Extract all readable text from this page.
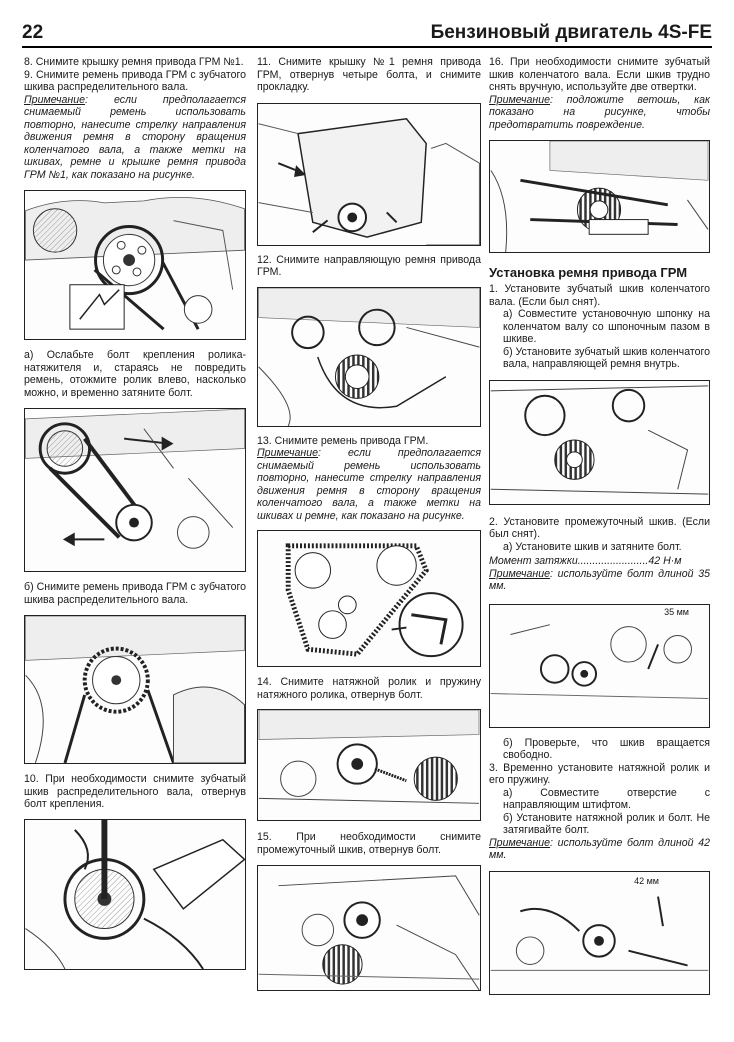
22	Бензиновый двигатель 4S-FE

8. Снимите крышку ремня привода ГРМ №1.

9. Снимите ремень привода ГРМ с зубчатого шкива распределительного вала.

Примечание: если предполагается снимаемый ремень использовать повторно, нанесите стрелку направления движения ремня в сторону вращения коленчатого вала, а также метки на шкивах, ремне и крышке ремня привода ГРМ №1, как показано на рисунке.

а) Ослабьте болт крепления ролика-натяжителя и, стараясь не повредить ремень, отожмите ролик влево, насколько можно, и временно затяните болт.

б) Снимите ремень привода ГРМ с зубчатого шкива распределительного вала.

10. При необходимости снимите зубчатый шкив распределительного вала, отвернув болт крепления.

11. Снимите крышку №1 ремня привода ГРМ, отвернув четыре болта, и снимите прокладку.

12. Снимите направляющую ремня привода ГРМ.

13. Снимите ремень привода ГРМ.

Примечание: если предполагается снимаемый ремень использовать повторно, нанесите стрелку направления движения ремня в сторону вращения коленчатого вала, а также метки на шкивах и ремне, как показано на рисунке.

14. Снимите натяжной ролик и пружину натяжного ролика, отвернув болт.

15. При необходимости снимите промежуточный шкив, отвернув болт.

16. При необходимости снимите зубчатый шкив коленчатого вала. Если шкив трудно снять вручную, используйте две отвертки.

Примечание: подложите ветошь, как показано на рисунке, чтобы предотвратить повреждение.

Установка ремня привода ГРМ

1. Установите зубчатый шкив коленчатого вала. (Если был снят).

а) Совместите установочную шпонку на коленчатом валу со шпоночным пазом в шкиве.

б) Установите зубчатый шкив коленчатого вала, направляющей ремня внутрь.

2. Установите промежуточный шкив. (Если был снят).

а) Установите шкив и затяните болт.

Момент затяжки........................42 Н·м

Примечание: используйте болт длиной 35 мм.

35 мм

б) Проверьте, что шкив вращается свободно.

3. Временно установите натяжной ролик и его пружину.

а) Совместите отверстие с направляющим штифтом.

б) Установите натяжной ролик и болт. Не затягивайте болт.

Примечание: используйте болт длиной 42 мм.

42 мм
